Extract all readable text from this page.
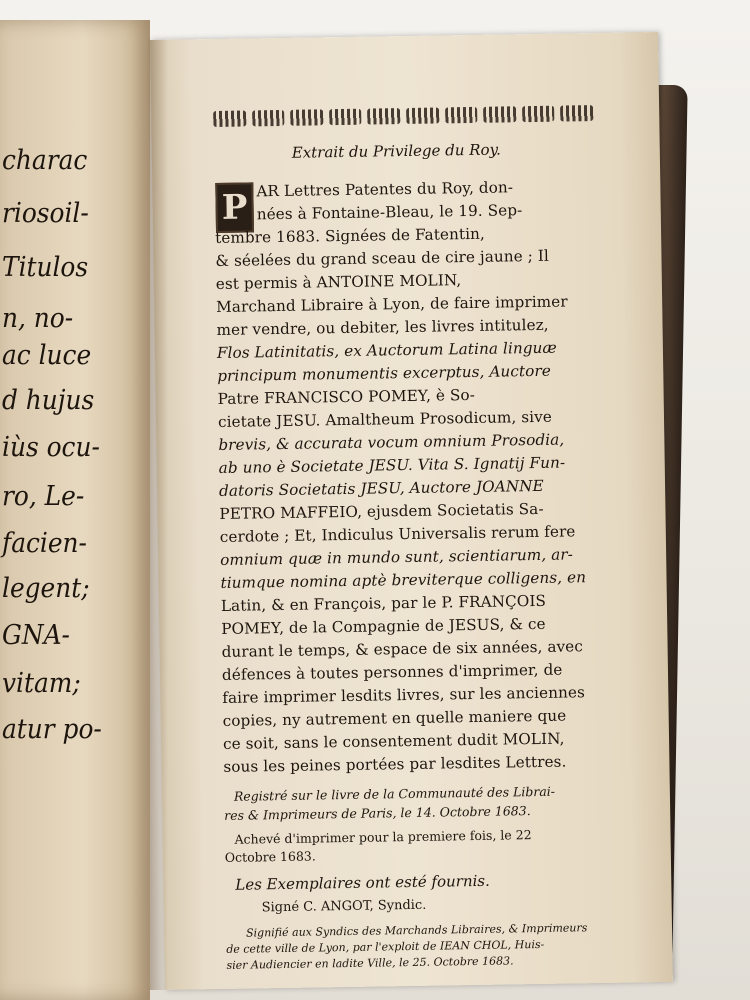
charac
riosoil-
Titulos
n, no-
ac luce
d hujus
iùs ocu-
ro, Le-
facien-
legent;
GNA-
vitam;
atur po-
Extrait du Privilege du Roy.
P AR Lettres Patentes du Roy, don-
nées à Fontaine-Bleau, le 19. Sep-
tembre 1683. Signées de Fatentin,
& séelées du grand sceau de cire jaune ; Il
est permis à ANTOINE MOLIN,
Marchand Libraire à Lyon, de faire imprimer
mer vendre, ou debiter, les livres intitulez,
Flos Latinitatis, ex Auctorum Latina linguæ
principum monumentis excerptus, Auctore
Patre FRANCISCO POMEY, è So-
cietate JESU. Amaltheum Prosodicum, sive
brevis, & accurata vocum omnium Prosodia,
ab uno è Societate JESU. Vita S. Ignatij Fun-
datoris Societatis JESU, Auctore JOANNE
PETRO MAFFEIO, ejusdem Societatis Sa-
cerdote ; Et, Indiculus Universalis rerum fere
omnium quæ in mundo sunt, scientiarum, ar-
tiumque nomina aptè breviterque colligens, en
Latin, & en François, par le P. FRANÇOIS
POMEY, de la Compagnie de JESUS, & ce
durant le temps, & espace de six années, avec
défences à toutes personnes d'imprimer, de
faire imprimer lesdits livres, sur les anciennes
copies, ny autrement en quelle maniere que
ce soit, sans le consentement dudit MOLIN,
sous les peines portées par lesdites Lettres.
Registré sur le livre de la Communauté des Librai-
res & Imprimeurs de Paris, le 14. Octobre 1683.
Achevé d'imprimer pour la premiere fois, le 22
Octobre 1683.
Les Exemplaires ont esté fournis.
Signé C. ANGOT, Syndic.
Signifié aux Syndics des Marchands Libraires, & Imprimeurs
de cette ville de Lyon, par l'exploit de IEAN CHOL, Huis-
sier Audiencier en ladite Ville, le 25. Octobre 1683.
